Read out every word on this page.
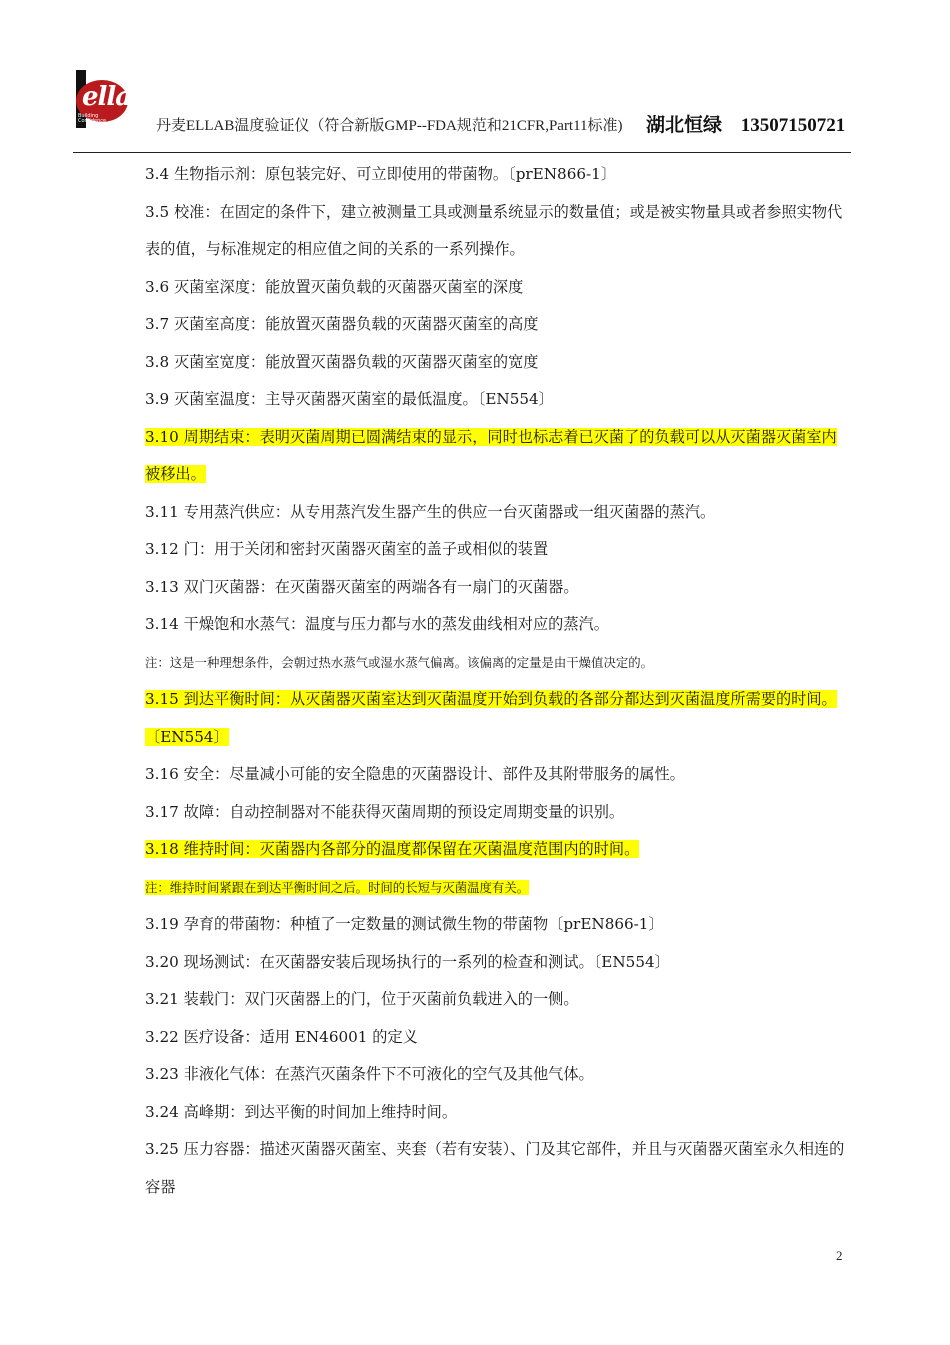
ellab
Building Confidence	丹麦ELLAB温度验证仪（符合新版GMP--FDA规范和21CFR,Part11标准) 湖北恒绿 13507150721
3.4 生物指示剂：原包装完好、可立即使用的带菌物。〔prEN866-1〕
3.5 校准：在固定的条件下，建立被测量工具或测量系统显示的数量值；或是被实物量具或者参照实物代表的值，与标准规定的相应值之间的关系的一系列操作。
3.6 灭菌室深度：能放置灭菌负载的灭菌器灭菌室的深度
3.7 灭菌室高度：能放置灭菌器负载的灭菌器灭菌室的高度
3.8 灭菌室宽度：能放置灭菌器负载的灭菌器灭菌室的宽度
3.9 灭菌室温度：主导灭菌器灭菌室的最低温度。〔EN554〕
3.10 周期结束：表明灭菌周期已圆满结束的显示，同时也标志着已灭菌了的负载可以从灭菌器灭菌室内被移出。
3.11 专用蒸汽供应：从专用蒸汽发生器产生的供应一台灭菌器或一组灭菌器的蒸汽。
3.12 门：用于关闭和密封灭菌器灭菌室的盖子或相似的装置
3.13 双门灭菌器：在灭菌器灭菌室的两端各有一扇门的灭菌器。
3.14 干燥饱和水蒸气：温度与压力都与水的蒸发曲线相对应的蒸汽。
注：这是一种理想条件，会朝过热水蒸气或湿水蒸气偏离。该偏离的定量是由干燥值决定的。
3.15 到达平衡时间：从灭菌器灭菌室达到灭菌温度开始到负载的各部分都达到灭菌温度所需要的时间。〔EN554〕
3.16 安全：尽量减小可能的安全隐患的灭菌器设计、部件及其附带服务的属性。
3.17 故障：自动控制器对不能获得灭菌周期的预设定周期变量的识别。
3.18 维持时间：灭菌器内各部分的温度都保留在灭菌温度范围内的时间。
注：维持时间紧跟在到达平衡时间之后。时间的长短与灭菌温度有关。
3.19 孕育的带菌物：种植了一定数量的测试微生物的带菌物〔prEN866-1〕
3.20 现场测试：在灭菌器安装后现场执行的一系列的检查和测试。〔EN554〕
3.21 装载门：双门灭菌器上的门，位于灭菌前负载进入的一侧。
3.22 医疗设备：适用 EN46001 的定义
3.23 非液化气体：在蒸汽灭菌条件下不可液化的空气及其他气体。
3.24 高峰期：到达平衡的时间加上维持时间。
3.25 压力容器：描述灭菌器灭菌室、夹套（若有安装）、门及其它部件，并且与灭菌器灭菌室永久相连的容器
2
